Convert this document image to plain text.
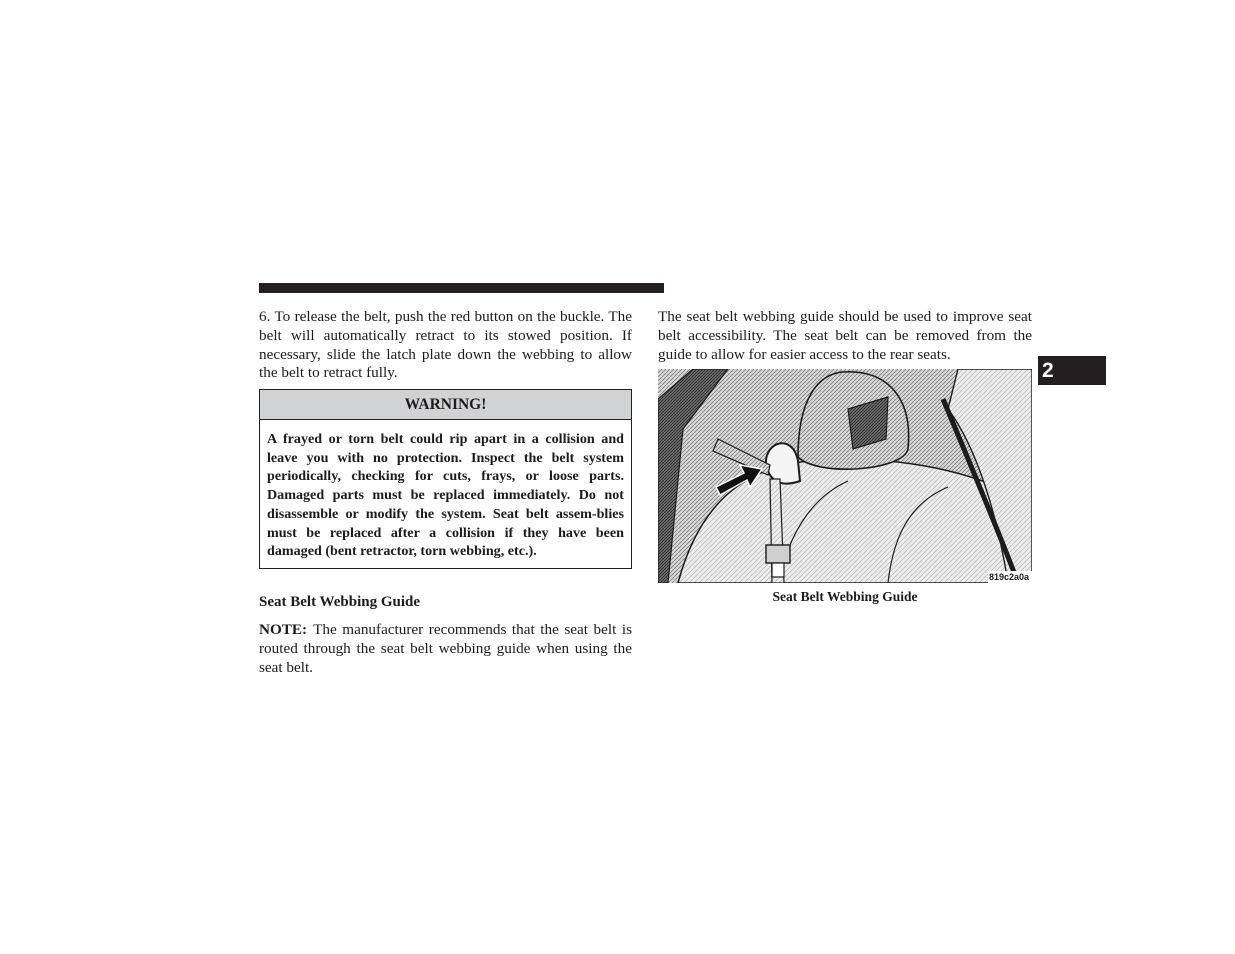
6. To release the belt, push the red button on the buckle. The belt will automatically retract to its stowed position. If necessary, slide the latch plate down the webbing to allow the belt to retract fully.

WARNING!
A frayed or torn belt could rip apart in a collision and leave you with no protection. Inspect the belt system periodically, checking for cuts, frays, or loose parts. Damaged parts must be replaced immediately. Do not disassemble or modify the system. Seat belt assem-blies must be replaced after a collision if they have been damaged (bent retractor, torn webbing, etc.).
Seat Belt Webbing Guide
NOTE: The manufacturer recommends that the seat belt is routed through the seat belt webbing guide when using the seat belt.

The seat belt webbing guide should be used to improve seat belt accessibility. The seat belt can be removed from the guide to allow for easier access to the rear seats.

819c2a0a
Seat Belt Webbing Guide
2
